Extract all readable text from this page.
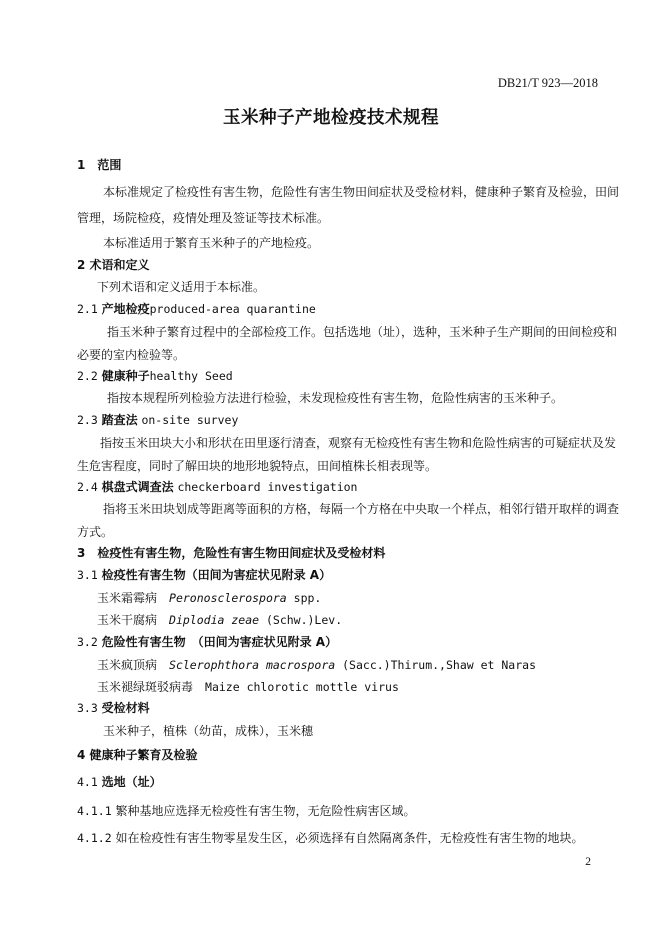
DB21/T 923—2018
玉米种子产地检疫技术规程
1　范围
本标准规定了检疫性有害生物，危险性有害生物田间症状及受检材料，健康种子繁育及检验，田间
管理，场院检疫，疫情处理及签证等技术标准。
本标准适用于繁育玉米种子的产地检疫。
2 术语和定义
下列术语和定义适用于本标准。
2.1 产地检疫produced-area quarantine
指玉米种子繁育过程中的全部检疫工作。包括选地（址），选种，玉米种子生产期间的田间检疫和
必要的室内检验等。
2.2 健康种子healthy Seed
指按本规程所列检验方法进行检验，未发现检疫性有害生物，危险性病害的玉米种子。
2.3 踏查法 on-site survey
指按玉米田块大小和形状在田里逐行清查，观察有无检疫性有害生物和危险性病害的可疑症状及发
生危害程度，同时了解田块的地形地貌特点，田间植株长相表现等。
2.4 棋盘式调查法 checkerboard investigation
指将玉米田块划成等距离等面积的方格，每隔一个方格在中央取一个样点，相邻行错开取样的调查
方式。
3　检疫性有害生物，危险性有害生物田间症状及受检材料
3.1 检疫性有害生物（田间为害症状见附录 A）
玉米霜霉病　 Peronosclerospora spp.
玉米干腐病　 Diplodia zeae (Schw.)Lev.
3.2 危险性有害生物　（田间为害症状见附录 A）
玉米疯顶病　 Sclerophthora macrospora (Sacc.)Thirum.,Shaw et Naras
玉米褪绿斑驳病毒　 Maize chlorotic mottle virus
3.3 受检材料
玉米种子，植株（幼苗，成株），玉米穗
4 健康种子繁育及检验
4.1 选地（址）
4.1.1 繁种基地应选择无检疫性有害生物，无危险性病害区域。
4.1.2 如在检疫性有害生物零星发生区，必须选择有自然隔离条件，无检疫性有害生物的地块。
2
